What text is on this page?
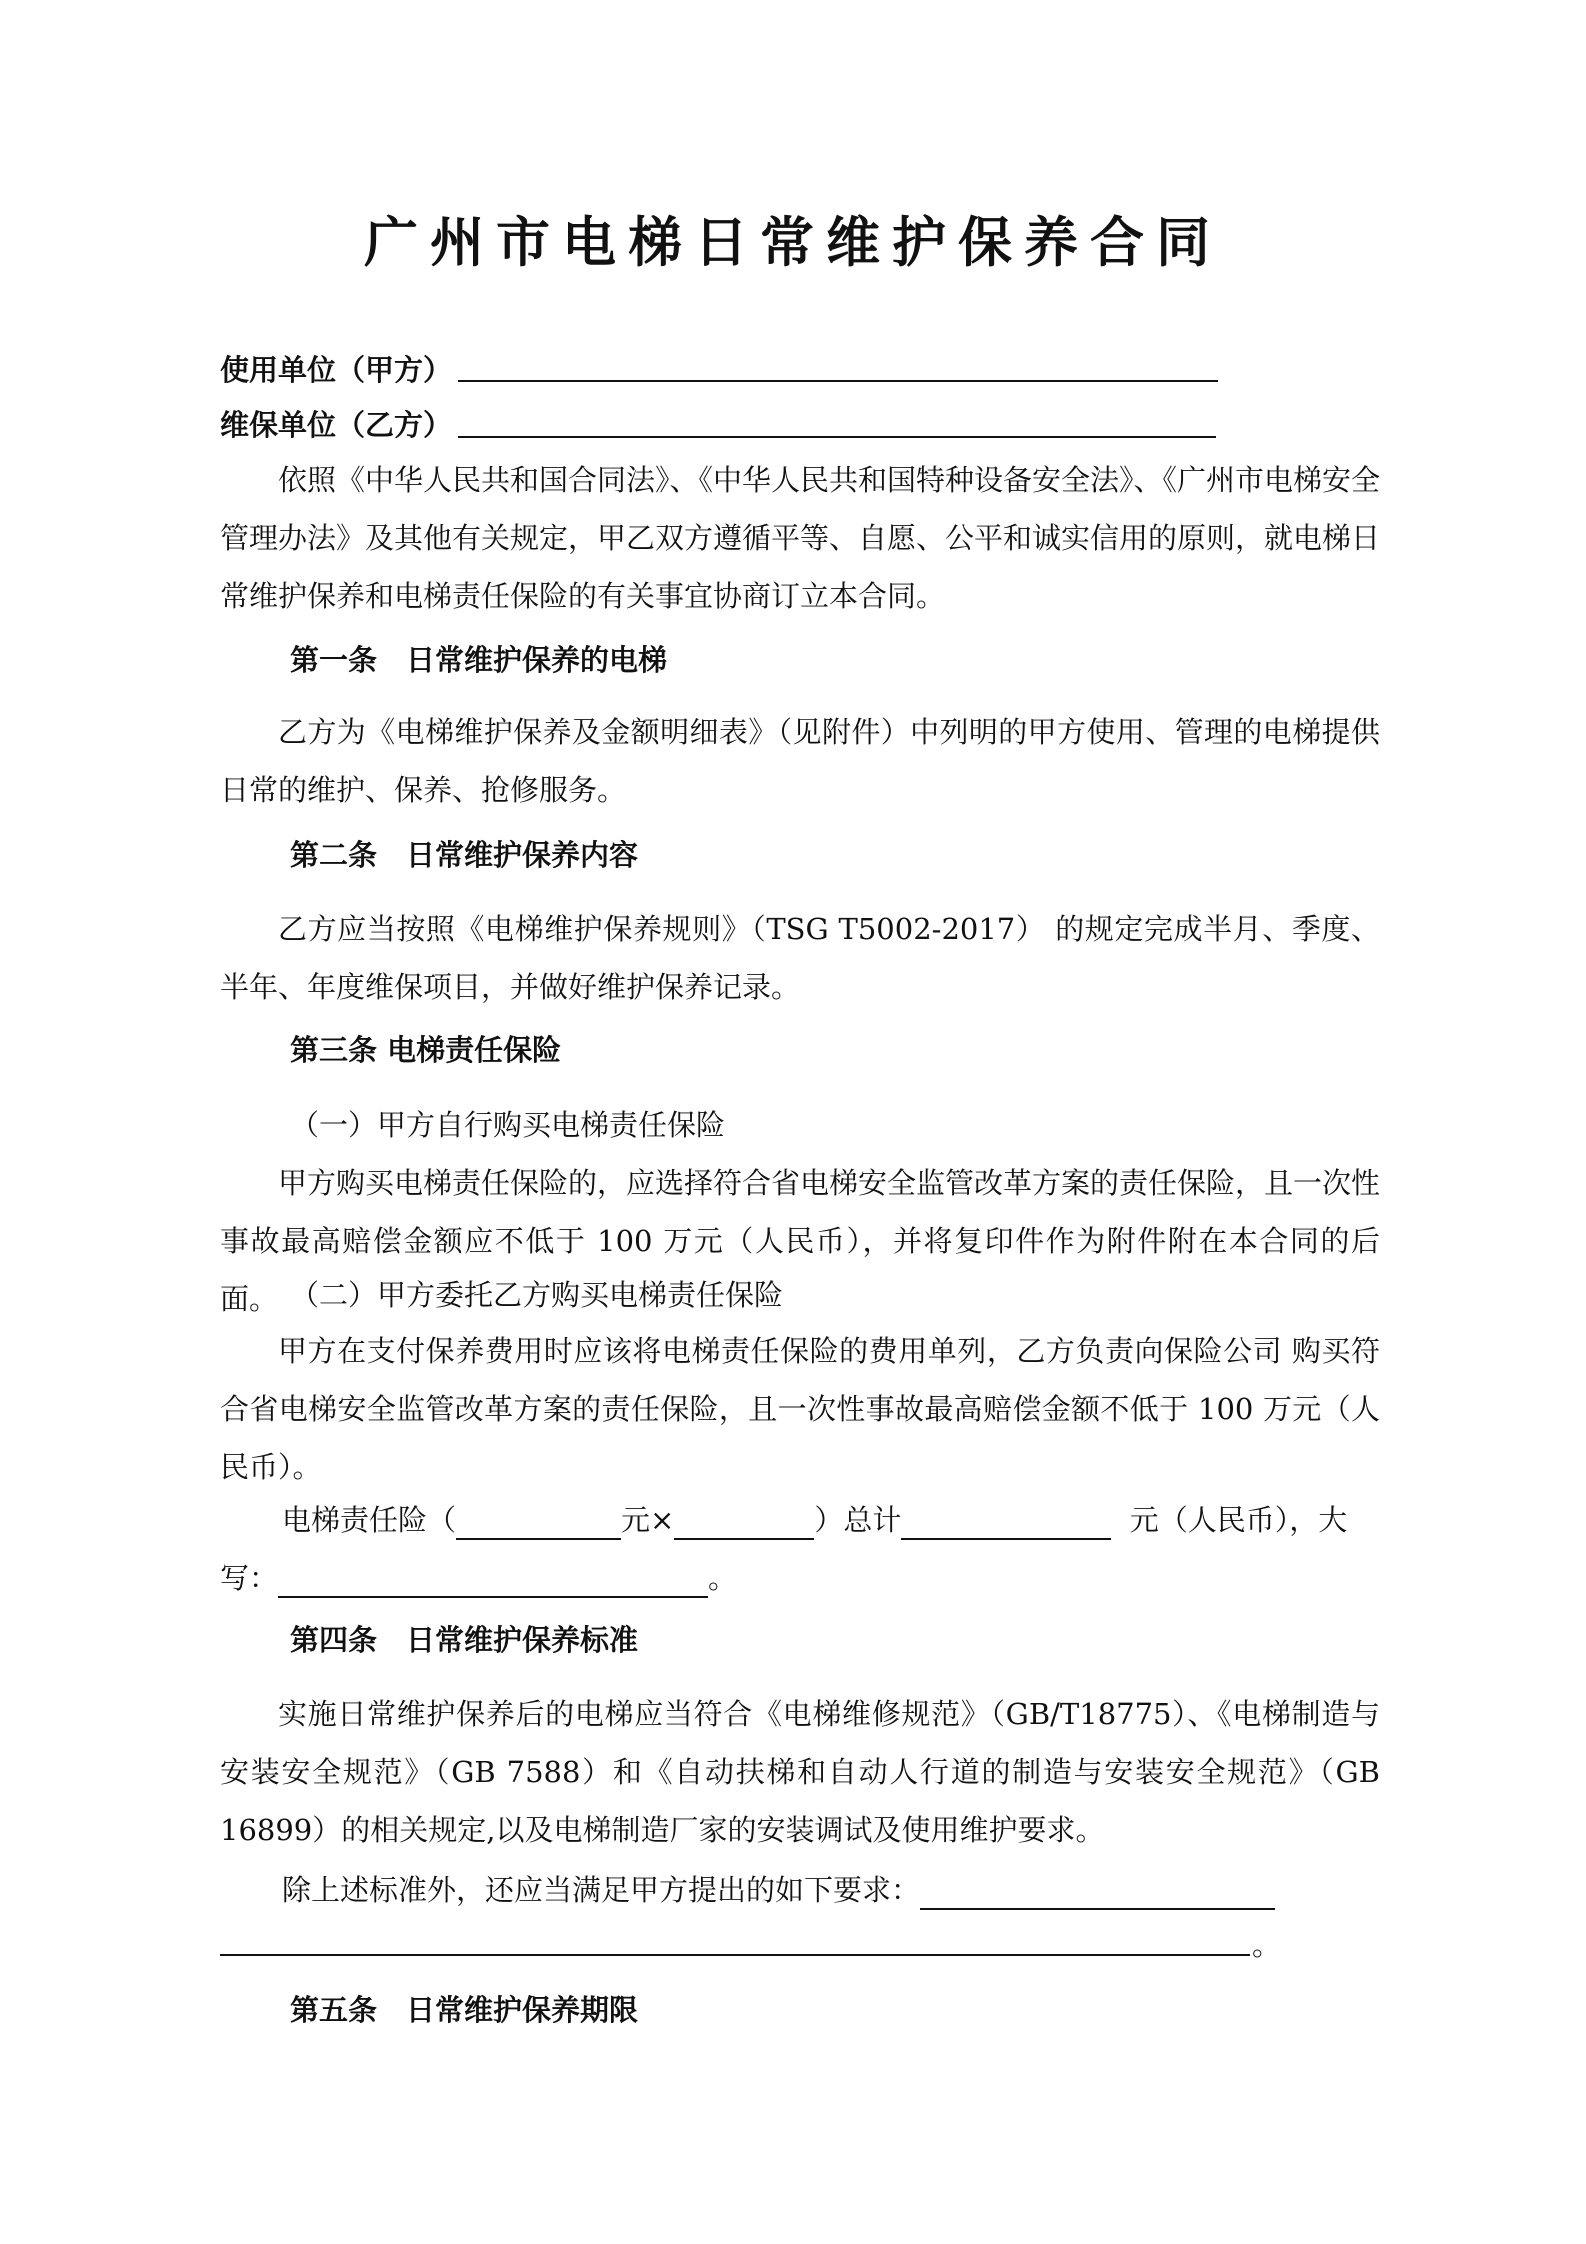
广州市电梯日常维护保养合同
使用单位（甲方）
维保单位（乙方）
依照《中华人民共和国合同法》、《中华人民共和国特种设备安全法》、《广州市电梯安全管理办法》及其他有关规定，甲乙双方遵循平等、自愿、公平和诚实信用的原则，就电梯日常维护保养和电梯责任保险的有关事宜协商订立本合同。
第一条　日常维护保养的电梯
乙方为《电梯维护保养及金额明细表》（见附件）中列明的甲方使用、管理的电梯提供日常的维护、保养、抢修服务。
第二条　日常维护保养内容
乙方应当按照《电梯维护保养规则》（TSG T5002-2017） 的规定完成半月、季度、半年、年度维保项目，并做好维护保养记录。
第三条 电梯责任保险
（一）甲方自行购买电梯责任保险
甲方购买电梯责任保险的，应选择符合省电梯安全监管改革方案的责任保险，且一次性事故最高赔偿金额应不低于 100 万元（人民币），并将复印件作为附件附在本合同的后面。 （二）甲方委托乙方购买电梯责任保险
甲方在支付保养费用时应该将电梯责任保险的费用单列，乙方负责向保险公司 购买符合省电梯安全监管改革方案的责任保险，且一次性事故最高赔偿金额不低于 100 万元（人民币）。
电梯责任险（	元×	）总计	元（人民币），大
写：	。
第四条　日常维护保养标准
实施日常维护保养后的电梯应当符合《电梯维修规范》（GB/T18775）、《电梯制造与安装安全规范》（GB 7588）和《自动扶梯和自动人行道的制造与安装安全规范》（GB 16899）的相关规定,以及电梯制造厂家的安装调试及使用维护要求。
除上述标准外，还应当满足甲方提出的如下要求：
。
第五条　日常维护保养期限
